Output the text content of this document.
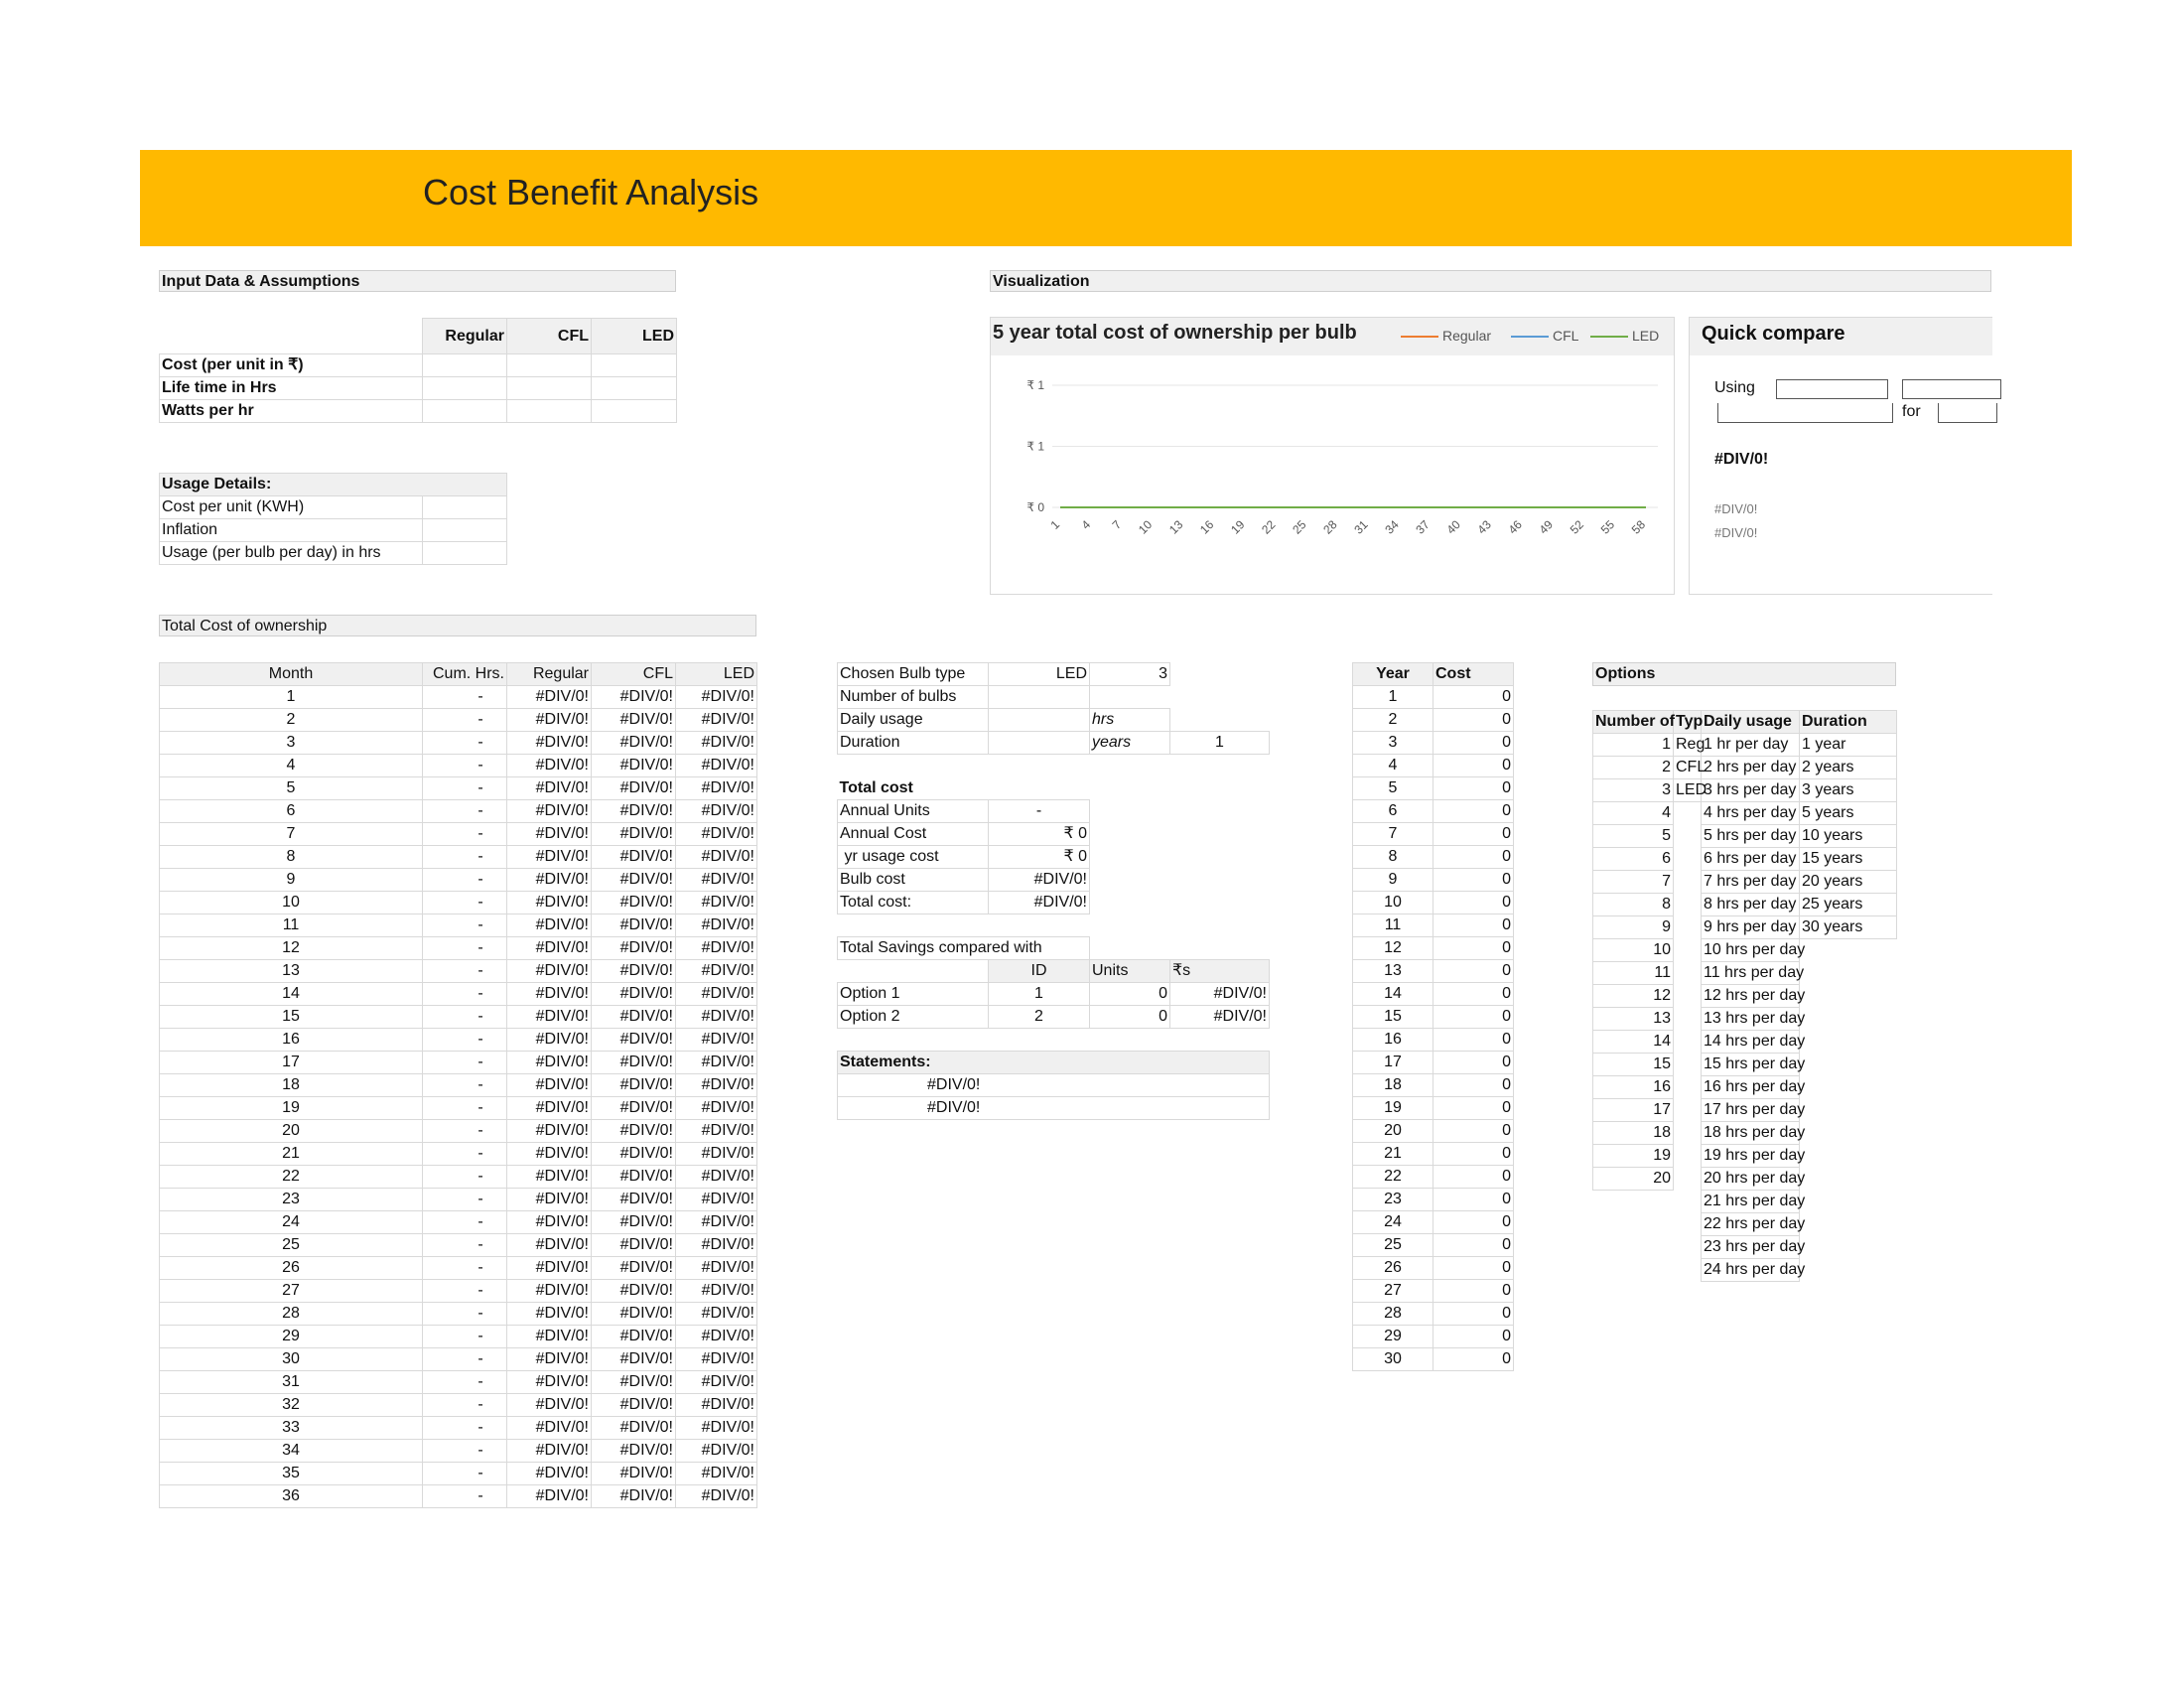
Cost Benefit Analysis
Input Data & Assumptions
	Regular	CFL	LED
Cost (per unit in ₹)			
Life time in Hrs			
Watts per hr			
Usage Details:	
Cost per unit (KWH)	
Inflation	
Usage (per bulb per day) in hrs	
Visualization
5 year total cost of ownership per bulb	Regular	CFL	LED
₹ 1
₹ 1
₹ 0
1 4 7 10 13 16 19 22 25 28 31 34 37 40 43 46 49 52 55 58
Quick compare
Using
for
#DIV/0!
#DIV/0!
#DIV/0!
Total Cost of ownership
Month	Cum. Hrs.	Regular	CFL	LED
1	-	#DIV/0!	#DIV/0!	#DIV/0!
2	-	#DIV/0!	#DIV/0!	#DIV/0!
3	-	#DIV/0!	#DIV/0!	#DIV/0!
4	-	#DIV/0!	#DIV/0!	#DIV/0!
5	-	#DIV/0!	#DIV/0!	#DIV/0!
6	-	#DIV/0!	#DIV/0!	#DIV/0!
7	-	#DIV/0!	#DIV/0!	#DIV/0!
8	-	#DIV/0!	#DIV/0!	#DIV/0!
9	-	#DIV/0!	#DIV/0!	#DIV/0!
10	-	#DIV/0!	#DIV/0!	#DIV/0!
11	-	#DIV/0!	#DIV/0!	#DIV/0!
12	-	#DIV/0!	#DIV/0!	#DIV/0!
13	-	#DIV/0!	#DIV/0!	#DIV/0!
14	-	#DIV/0!	#DIV/0!	#DIV/0!
15	-	#DIV/0!	#DIV/0!	#DIV/0!
16	-	#DIV/0!	#DIV/0!	#DIV/0!
17	-	#DIV/0!	#DIV/0!	#DIV/0!
18	-	#DIV/0!	#DIV/0!	#DIV/0!
19	-	#DIV/0!	#DIV/0!	#DIV/0!
20	-	#DIV/0!	#DIV/0!	#DIV/0!
21	-	#DIV/0!	#DIV/0!	#DIV/0!
22	-	#DIV/0!	#DIV/0!	#DIV/0!
23	-	#DIV/0!	#DIV/0!	#DIV/0!
24	-	#DIV/0!	#DIV/0!	#DIV/0!
25	-	#DIV/0!	#DIV/0!	#DIV/0!
26	-	#DIV/0!	#DIV/0!	#DIV/0!
27	-	#DIV/0!	#DIV/0!	#DIV/0!
28	-	#DIV/0!	#DIV/0!	#DIV/0!
29	-	#DIV/0!	#DIV/0!	#DIV/0!
30	-	#DIV/0!	#DIV/0!	#DIV/0!
31	-	#DIV/0!	#DIV/0!	#DIV/0!
32	-	#DIV/0!	#DIV/0!	#DIV/0!
33	-	#DIV/0!	#DIV/0!	#DIV/0!
34	-	#DIV/0!	#DIV/0!	#DIV/0!
35	-	#DIV/0!	#DIV/0!	#DIV/0!
36	-	#DIV/0!	#DIV/0!	#DIV/0!
Chosen Bulb type	LED	3	
Number of bulbs			
Daily usage		hrs	
Duration		years	1

Total cost			
Annual Units	-		
Annual Cost	₹ 0		
yr usage cost	₹ 0		
Bulb cost	#DIV/0!		
Total cost:	#DIV/0!		

Total Savings compared with			
	ID	Units	₹s
Option 1	1	0	#DIV/0!
Option 2	2	0	#DIV/0!

Statements:			
#DIV/0!			
#DIV/0!			
Year	Cost
1	0
2	0
3	0
4	0
5	0
6	0
7	0
8	0
9	0
10	0
11	0
12	0
13	0
14	0
15	0
16	0
17	0
18	0
19	0
20	0
21	0
22	0
23	0
24	0
25	0
26	0
27	0
28	0
29	0
30	0
Options
Number of	Typ	Daily usage	Duration
1	Reg	1 hr per day	1 year
2	CFL	2 hrs per day	2 years
3	LED	3 hrs per day	3 years
4		4 hrs per day	5 years
5		5 hrs per day	10 years
6		6 hrs per day	15 years
7		7 hrs per day	20 years
8		8 hrs per day	25 years
9		9 hrs per day	30 years
10		10 hrs per day	
11		11 hrs per day	
12		12 hrs per day	
13		13 hrs per day	
14		14 hrs per day	
15		15 hrs per day	
16		16 hrs per day	
17		17 hrs per day	
18		18 hrs per day	
19		19 hrs per day	
20		20 hrs per day	
		21 hrs per day	
		22 hrs per day	
		23 hrs per day	
		24 hrs per day	
